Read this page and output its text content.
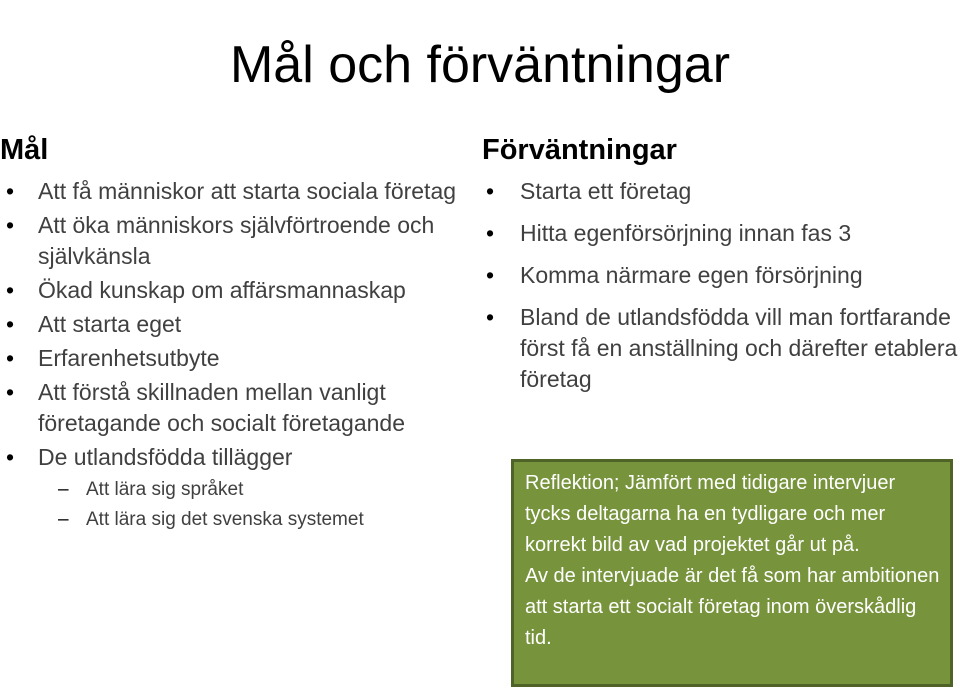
Mål och förväntningar
Mål
• Att få människor att starta sociala företag
• Att öka människors självförtroende och självkänsla
• Ökad kunskap om affärsmannaskap
• Att starta eget
• Erfarenhetsutbyte
• Att förstå skillnaden mellan vanligt företagande och socialt företagande
• De utlandsfödda tillägger
– Att lära sig språket
– Att lära sig det svenska systemet
Förväntningar
• Starta ett företag
• Hitta egenförsörjning innan fas 3
• Komma närmare egen försörjning
• Bland de utlandsfödda vill man fortfarande först få en anställning och därefter etablera företag

Reflektion; Jämfört med tidigare intervjuer tycks deltagarna ha en tydligare och mer korrekt bild av vad projektet går ut på.

Av de intervjuade är det få som har ambitionen att starta ett socialt företag inom överskådlig tid.
